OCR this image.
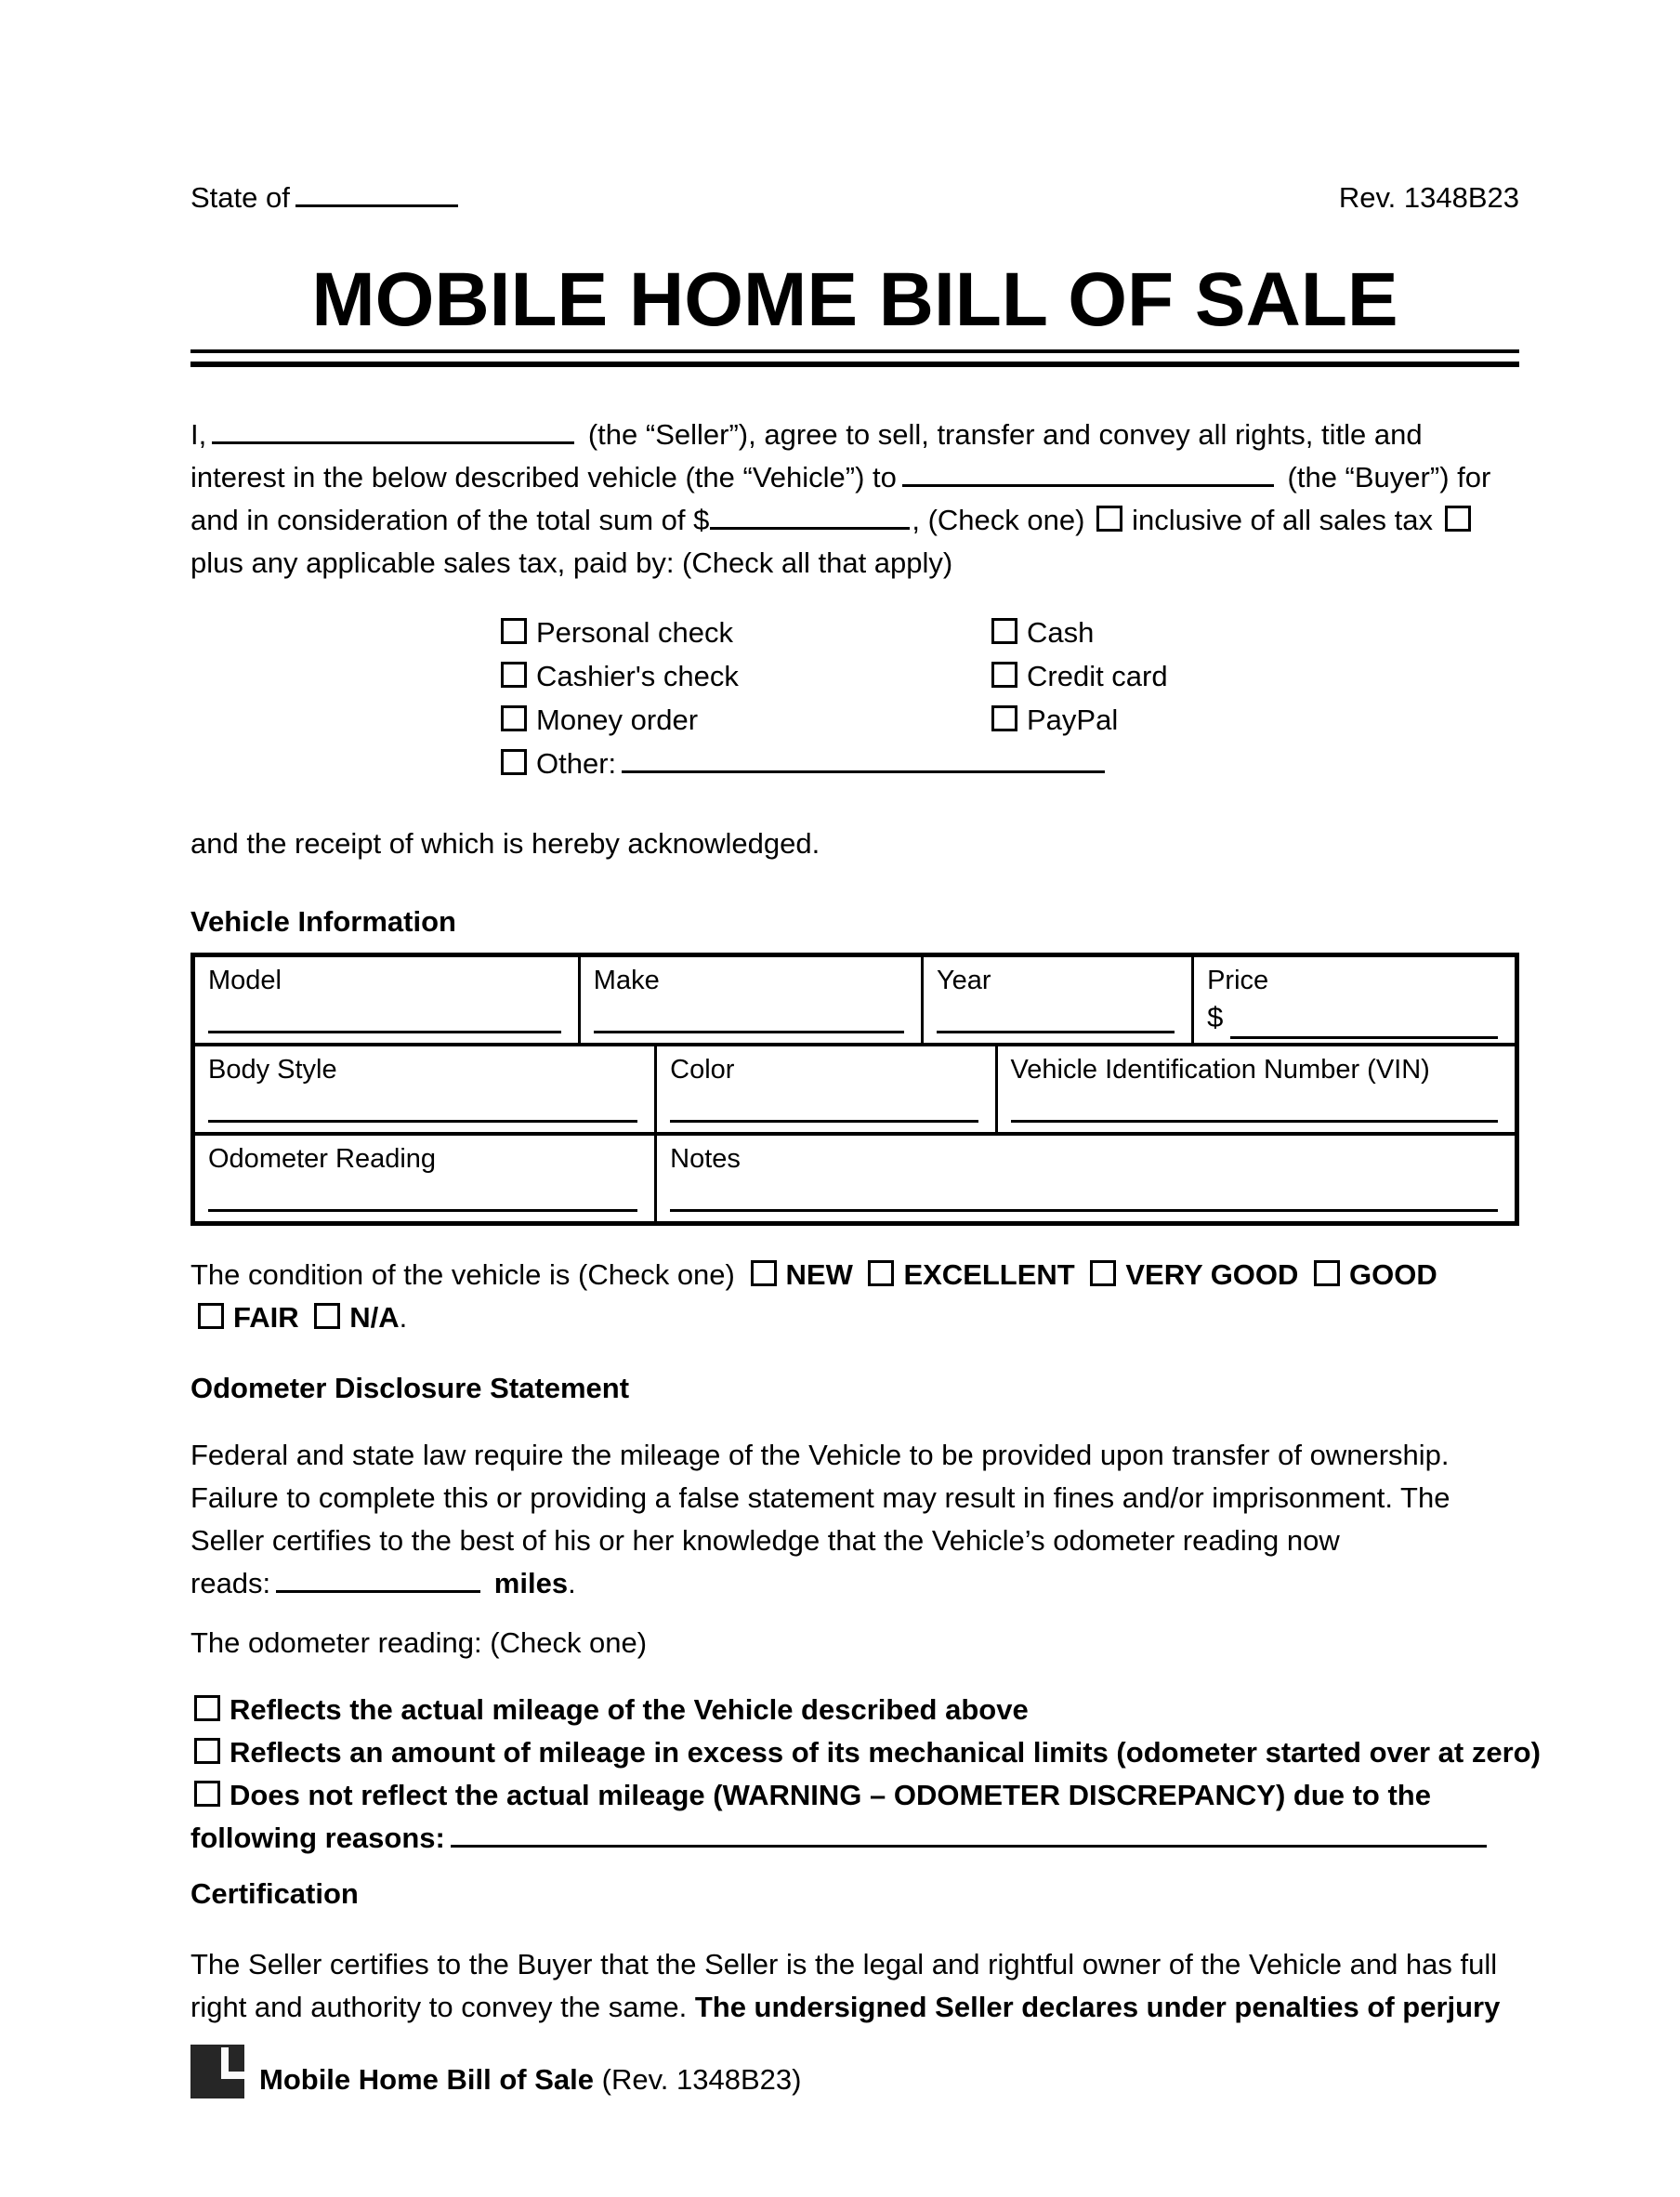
State of	Rev. 1348B23
MOBILE HOME BILL OF SALE

I,	(the “Seller”), agree to sell, transfer and convey all rights, title and interest in the below described vehicle (the “Vehicle”) to	(the “Buyer”) for and in consideration of the total sum of $	, (Check one) inclusive of all sales tax plus any applicable sales tax, paid by: (Check all that apply)

Personal check	Cash
Cashier's check	Credit card
Money order	PayPal
Other:

and the receipt of which is hereby acknowledged.

Vehicle Information

Model	Make	Year	Price
$
Body Style	Color	Vehicle Identification Number (VIN)
Odometer Reading	Notes

The condition of the vehicle is (Check one) NEW EXCELLENT VERY GOOD GOOD FAIR N/A.

Odometer Disclosure Statement

Federal and state law require the mileage of the Vehicle to be provided upon transfer of ownership. Failure to complete this or providing a false statement may result in fines and/or imprisonment. The Seller certifies to the best of his or her knowledge that the Vehicle’s odometer reading now
reads:	miles.

The odometer reading: (Check one)

Reflects the actual mileage of the Vehicle described above
Reflects an amount of mileage in excess of its mechanical limits (odometer started over at zero)
Does not reflect the actual mileage (WARNING – ODOMETER DISCREPANCY) due to the following reasons:

Certification

The Seller certifies to the Buyer that the Seller is the legal and rightful owner of the Vehicle and has full right and authority to convey the same. The undersigned Seller declares under penalties of perjury

Mobile Home Bill of Sale (Rev. 1348B23)
